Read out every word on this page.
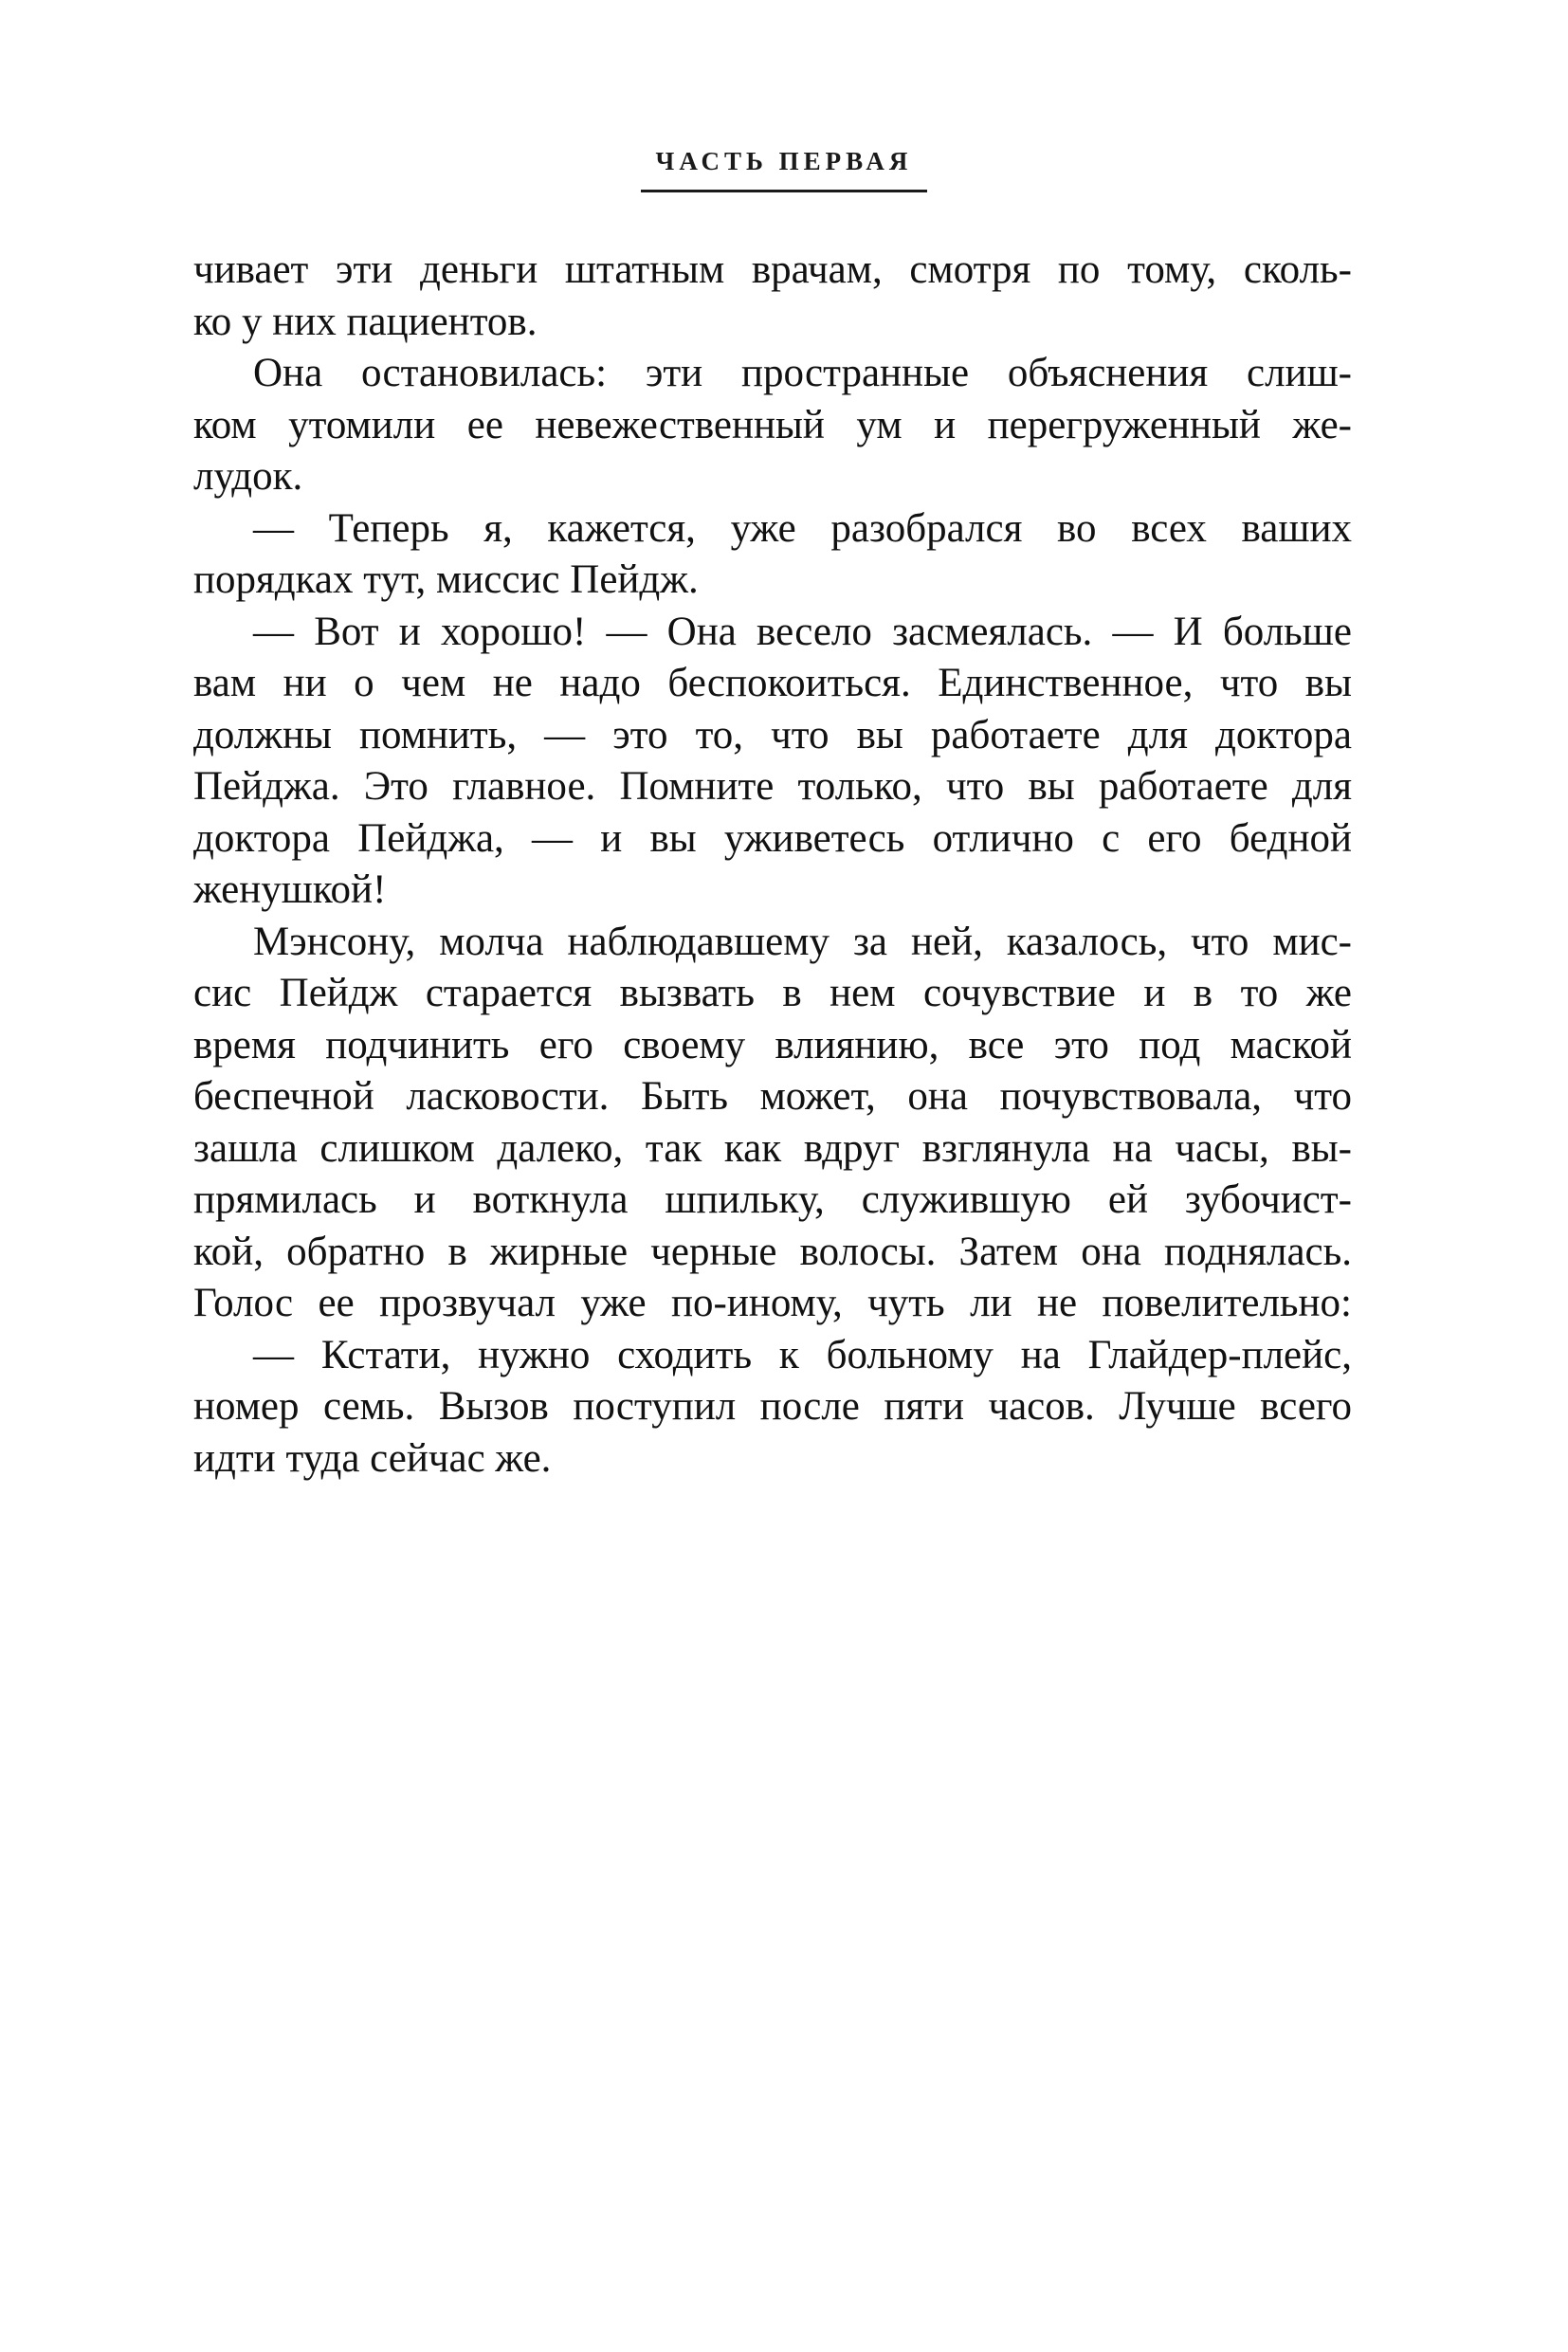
ЧАСТЬ ПЕРВАЯ
чивает эти деньги штатным врачам, смотря по тому, сколь-
ко у них пациентов.
Она остановилась: эти пространные объяснения слиш-
ком утомили ее невежественный ум и перегруженный же-
лудок.
— Теперь я, кажется, уже разобрался во всех ваших
порядках тут, миссис Пейдж.
— Вот и хорошо! — Она весело засмеялась. — И больше
вам ни о чем не надо беспокоиться. Единственное, что вы
должны помнить, — это то, что вы работаете для доктора
Пейджа. Это главное. Помните только, что вы работаете для
доктора Пейджа, — и вы уживетесь отлично с его бедной
женушкой!
Мэнсону, молча наблюдавшему за ней, казалось, что мис-
сис Пейдж старается вызвать в нем сочувствие и в то же
время подчинить его своему влиянию, все это под маской
беспечной ласковости. Быть может, она почувствовала, что
зашла слишком далеко, так как вдруг взглянула на часы, вы-
прямилась и воткнула шпильку, служившую ей зубочист-
кой, обратно в жирные черные волосы. Затем она поднялась.
Голос ее прозвучал уже по-иному, чуть ли не повелительно:
— Кстати, нужно сходить к больному на Глайдер-плейс,
номер семь. Вызов поступил после пяти часов. Лучше всего
идти туда сейчас же.
